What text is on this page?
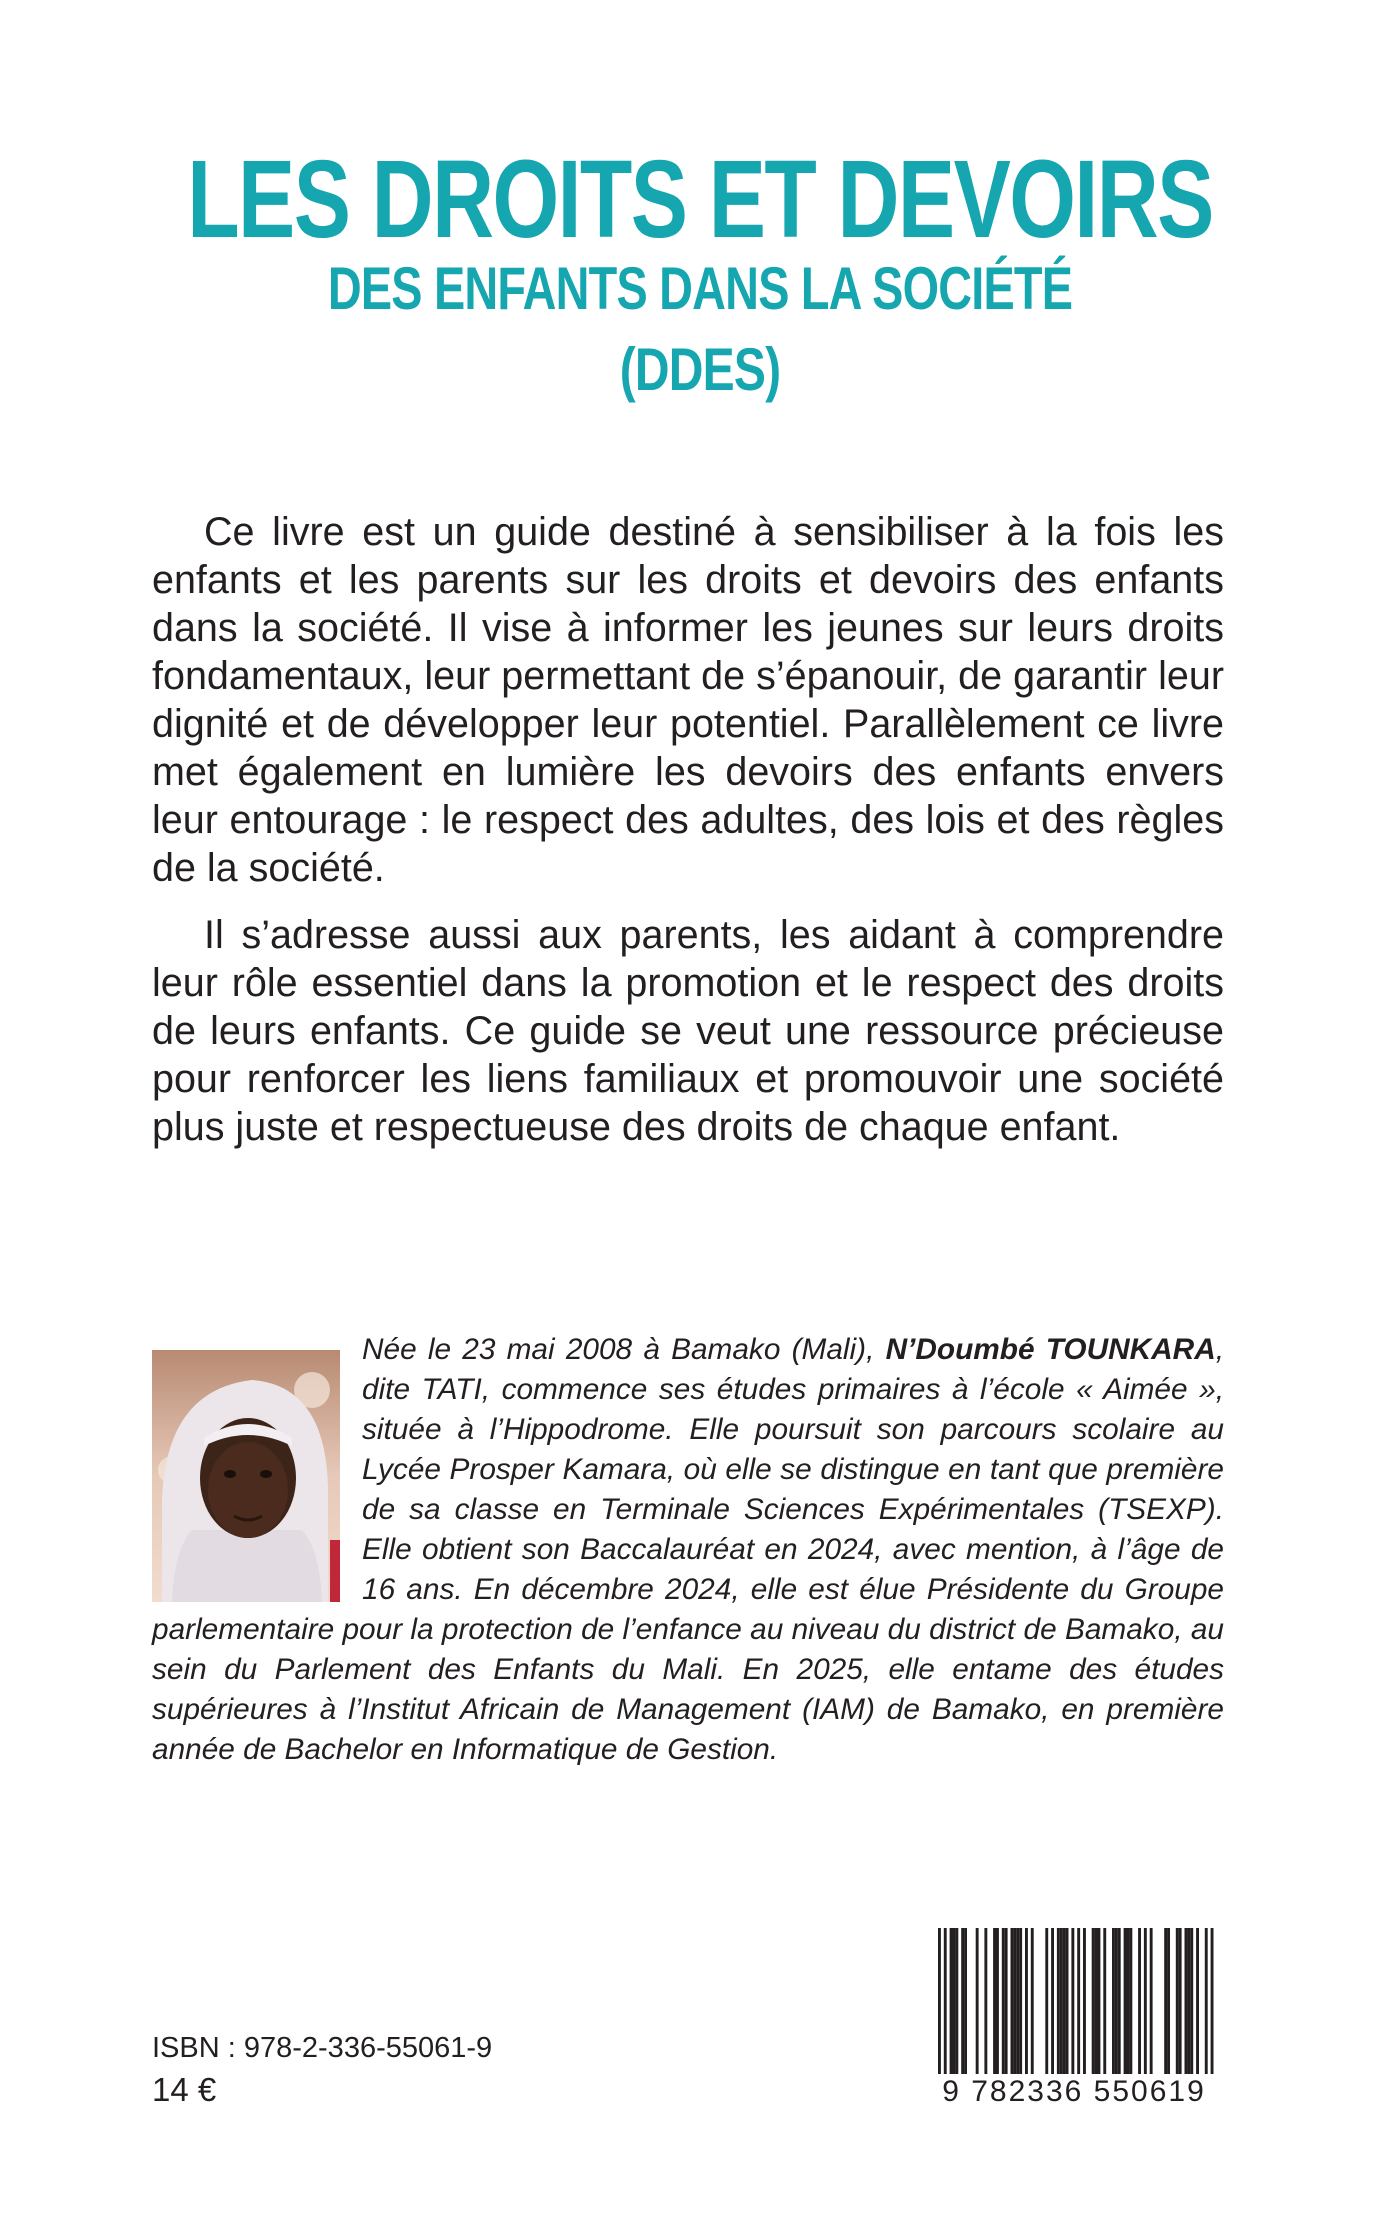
LES DROITS ET DEVOIRS
DES ENFANTS DANS LA SOCIÉTÉ
(DDES)

Ce livre est un guide destiné à sensibiliser à la fois les enfants et les parents sur les droits et devoirs des enfants dans la société. Il vise à informer les jeunes sur leurs droits fondamentaux, leur permettant de s’épanouir, de garantir leur dignité et de développer leur potentiel. Parallèlement ce livre met également en lumière les devoirs des enfants envers leur entourage : le respect des adultes, des lois et des règles de la société.

Il s’adresse aussi aux parents, les aidant à comprendre leur rôle essentiel dans la promotion et le respect des droits de leurs enfants. Ce guide se veut une ressource précieuse pour renforcer les liens familiaux et promouvoir une société plus juste et respectueuse des droits de chaque enfant.

Née le 23 mai 2008 à Bamako (Mali), N’Doumbé TOUNKARA, dite TATI, commence ses études primaires à l’école « Aimée », située à l’Hippodrome. Elle poursuit son parcours scolaire au Lycée Prosper Kamara, où elle se distingue en tant que première de sa classe en Terminale Sciences Expérimentales (TSEXP). Elle obtient son Baccalauréat en 2024, avec mention, à l’âge de 16 ans. En décembre 2024, elle est élue Présidente du Groupe parlementaire pour la protection de l’enfance au niveau du district de Bamako, au sein du Parlement des Enfants du Mali. En 2025, elle entame des études supérieures à l’Institut Africain de Management (IAM) de Bamako, en première année de Bachelor en Informatique de Gestion.

ISBN : 978-2-336-55061-9
14 €	9 782336 550619
